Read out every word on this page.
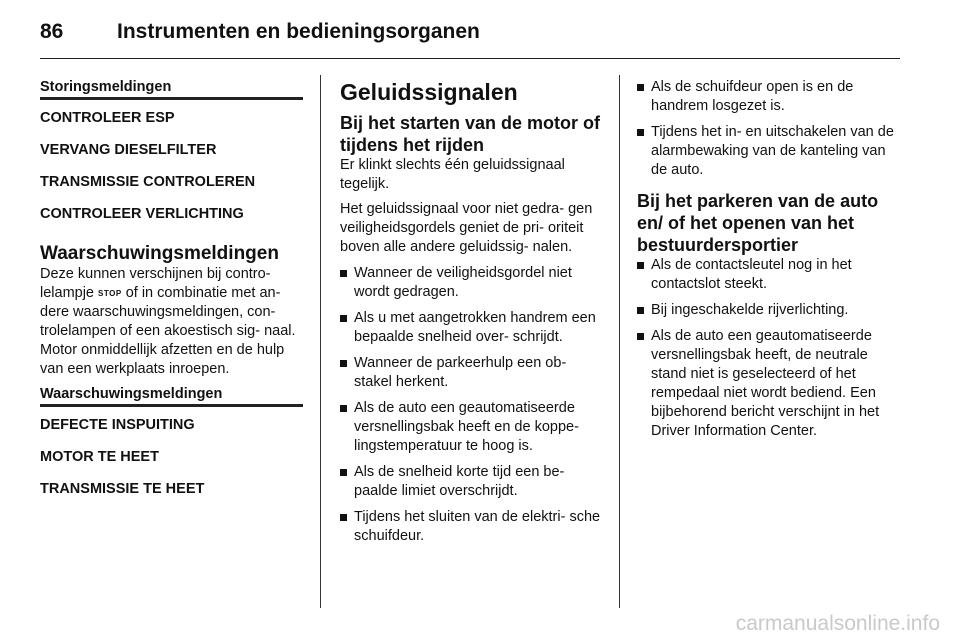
86	Instrumenten en bedieningsorganen
Storingsmeldingen
CONTROLEER ESP
VERVANG DIESELFILTER
TRANSMISSIE CONTROLEREN
CONTROLEER VERLICHTING
Waarschuwingsmeldingen

Deze kunnen verschijnen bij contro- lelampje STOP of in combinatie met an- dere waarschuwingsmeldingen, con- trolelampen of een akoestisch sig- naal. Motor onmiddellijk afzetten en de hulp van een werkplaats inroepen.

Waarschuwingsmeldingen
DEFECTE INSPUITING
MOTOR TE HEET
TRANSMISSIE TE HEET
Geluidssignalen
Bij het starten van de motor of tijdens het rijden

Er klinkt slechts één geluidssignaal tegelijk.

Het geluidssignaal voor niet gedra- gen veiligheidsgordels geniet de pri- oriteit boven alle andere geluidssig- nalen.

Wanneer de veiligheidsgordel niet wordt gedragen.
Als u met aangetrokken handrem een bepaalde snelheid over- schrijdt.
Wanneer de parkeerhulp een ob- stakel herkent.
Als de auto een geautomatiseerde versnellingsbak heeft en de koppe- lingstemperatuur te hoog is.
Als de snelheid korte tijd een be- paalde limiet overschrijdt.
Tijdens het sluiten van de elektri- sche schuifdeur.
Als de schuifdeur open is en de handrem losgezet is.
Tijdens het in- en uitschakelen van de alarmbewaking van de kanteling van de auto.
Bij het parkeren van de auto en/ of het openen van het bestuurdersportier
Als de contactsleutel nog in het contactslot steekt.
Bij ingeschakelde rijverlichting.
Als de auto een geautomatiseerde versnellingsbak heeft, de neutrale stand niet is geselecteerd of het rempedaal niet wordt bediend. Een bijbehorend bericht verschijnt in het Driver Information Center.
carmanualsonline.info
